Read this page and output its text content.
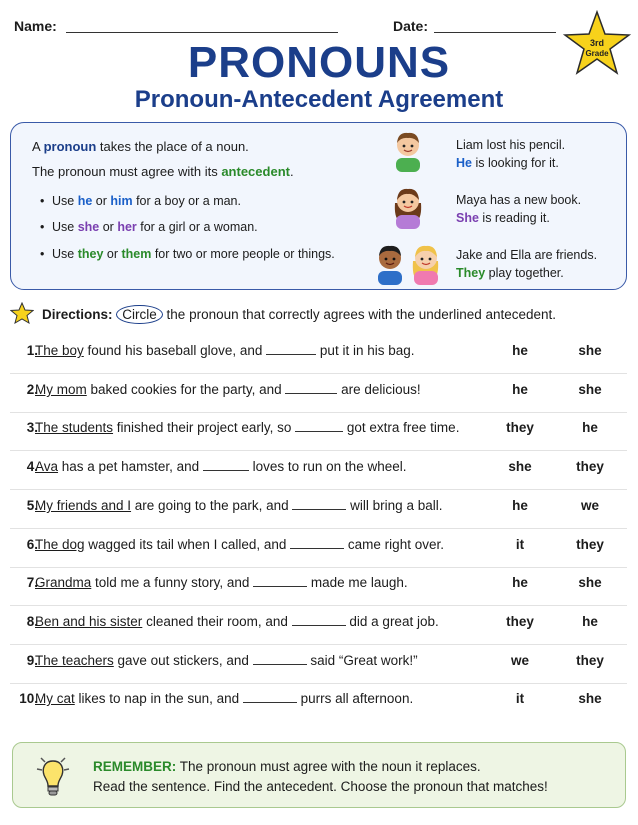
Name:	Date:
3rd
Grade
PRONOUNS
Pronoun-Antecedent Agreement
A pronoun takes the place of a noun.
The pronoun must agree with its antecedent.
• Use he or him for a boy or a man.
• Use she or her for a girl or a woman.
• Use they or them for two or more people or things.
Liam lost his pencil.
He is looking for it.
Maya has a new book.
She is reading it.
Jake and Ella are friends.
They play together.
Directions: Circle the pronoun that correctly agrees with the underlined antecedent.
1.
The boy found his baseball glove, and	put it in his bag.	he	she
2.
My mom baked cookies for the party, and	are delicious!	he	she
3.
The students finished their project early, so	got extra free time.	they	he
4.
Ava has a pet hamster, and	loves to run on the wheel.	she	they
5.
My friends and I are going to the park, and	will bring a ball.	he	we
6.
The dog wagged its tail when I called, and	came right over.	it	they
7.
Grandma told me a funny story, and	made me laugh.	he	she
8.
Ben and his sister cleaned their room, and	did a great job.	they	he
9.
The teachers gave out stickers, and	said “Great work!”	we	they
10.
My cat likes to nap in the sun, and	purrs all afternoon.	it	she
REMEMBER: The pronoun must agree with the noun it replaces.
Read the sentence. Find the antecedent. Choose the pronoun that matches!
